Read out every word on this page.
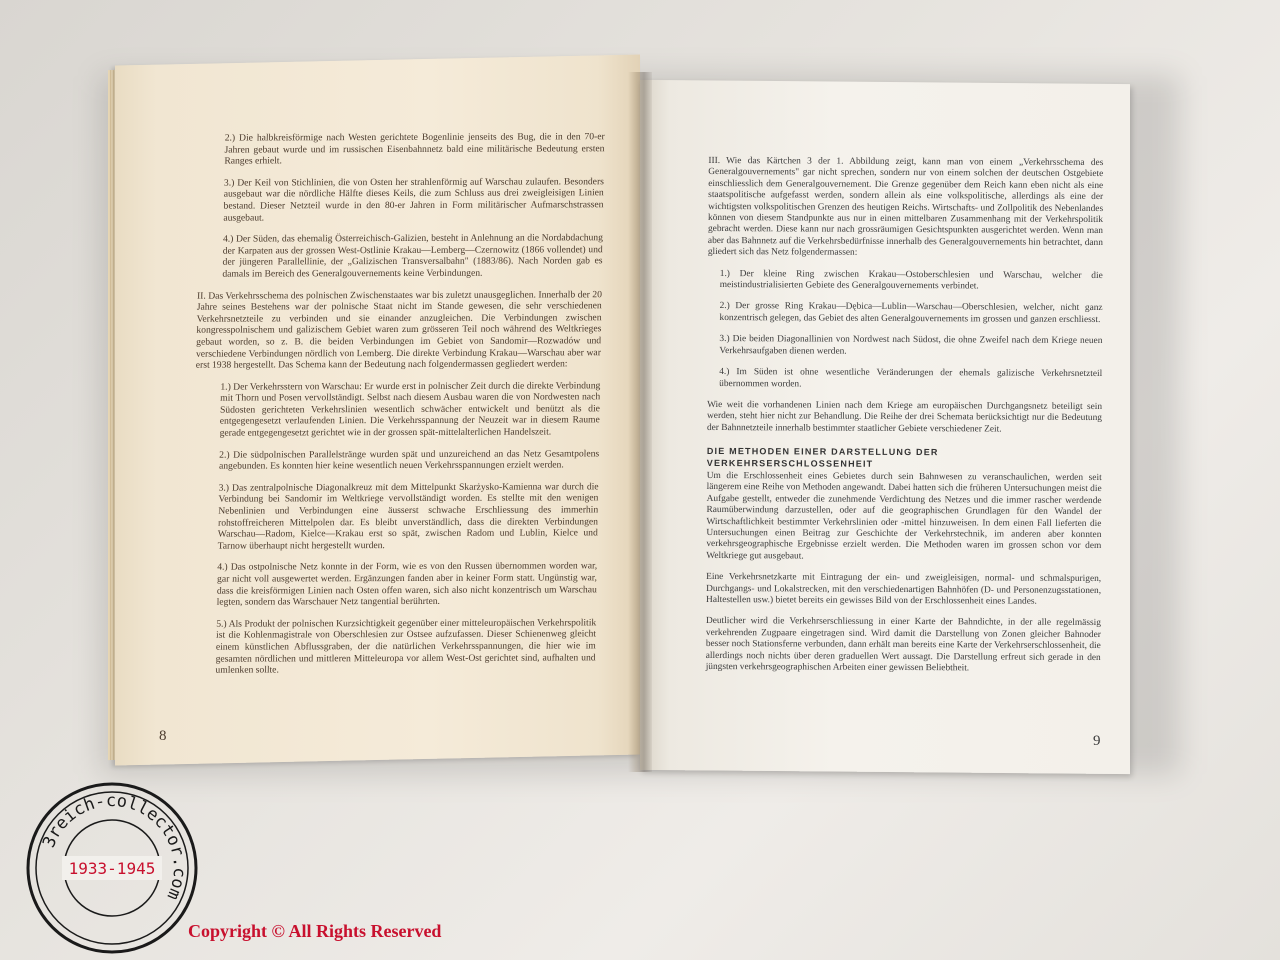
2.) Die halbkreisförmige nach Westen gerichtete Bogenlinie jenseits des Bug, die in den 70-er Jahren gebaut wurde und im russischen Eisenbahnnetz bald eine militärische Bedeutung ersten Ranges erhielt.

3.) Der Keil von Stichlinien, die von Osten her strahlenförmig auf Warschau zulaufen. Besonders ausgebaut war die nördliche Hälfte dieses Keils, die zum Schluss aus drei zweigleisigen Linien bestand. Dieser Netzteil wurde in den 80-er Jahren in Form militärischer Aufmarschstrassen ausgebaut.

4.) Der Süden, das ehemalig Österreichisch-Galizien, besteht in Anlehnung an die Nordabdachung der Karpaten aus der grossen West-Ostlinie Krakau—Lemberg—Czernowitz (1866 vollendet) und der jüngeren Parallellinie, der „Galizischen Transversalbahn" (1883/86). Nach Norden gab es damals im Bereich des Generalgouvernements keine Verbindungen.

II. Das Verkehrsschema des polnischen Zwischenstaates war bis zuletzt unausgeglichen. Innerhalb der 20 Jahre seines Bestehens war der polnische Staat nicht im Stande gewesen, die sehr verschiedenen Verkehrsnetzteile zu verbinden und sie einander anzugleichen. Die Verbindungen zwischen kongresspolnischem und galizischem Gebiet waren zum grösseren Teil noch während des Weltkrieges gebaut worden, so z. B. die beiden Verbindungen im Gebiet von Sandomir—Rozwadów und verschiedene Verbindungen nördlich von Lemberg. Die direkte Verbindung Krakau—Warschau aber war erst 1938 hergestellt. Das Schema kann der Bedeutung nach folgendermassen gegliedert werden:

1.) Der Verkehrsstern von Warschau: Er wurde erst in polnischer Zeit durch die direkte Verbindung mit Thorn und Posen vervollständigt. Selbst nach diesem Ausbau waren die von Nordwesten nach Südosten gerichteten Verkehrslinien wesentlich schwächer entwickelt und benützt als die entgegengesetzt verlaufenden Linien. Die Verkehrsspannung der Neuzeit war in diesem Raume gerade entgegengesetzt gerichtet wie in der grossen spät-mittelalterlichen Handelszeit.

2.) Die südpolnischen Parallelstränge wurden spät und unzureichend an das Netz Gesamtpolens angebunden. Es konnten hier keine wesentlich neuen Verkehrsspannungen erzielt werden.

3.) Das zentralpolnische Diagonalkreuz mit dem Mittelpunkt Skarżysko-Kamienna war durch die Verbindung bei Sandomir im Weltkriege vervollständigt worden. Es stellte mit den wenigen Nebenlinien und Verbindungen eine äusserst schwache Erschliessung des immerhin rohstoffreicheren Mittelpolen dar. Es bleibt unverständlich, dass die direkten Verbindungen Warschau—Radom, Kielce—Krakau erst so spät, zwischen Radom und Lublin, Kielce und Tarnow überhaupt nicht hergestellt wurden.

4.) Das ostpolnische Netz konnte in der Form, wie es von den Russen übernommen worden war, gar nicht voll ausgewertet werden. Ergänzungen fanden aber in keiner Form statt. Ungünstig war, dass die kreisförmigen Linien nach Osten offen waren, sich also nicht konzentrisch um Warschau legten, sondern das Warschauer Netz tangential berührten.

5.) Als Produkt der polnischen Kurzsichtigkeit gegenüber einer mitteleuropäischen Verkehrspolitik ist die Kohlenmagistrale von Oberschlesien zur Ostsee aufzufassen. Dieser Schienenweg gleicht einem künstlichen Abflussgraben, der die natürlichen Verkehrsspannungen, die hier wie im gesamten nördlichen und mittleren Mitteleuropa vor allem West-Ost gerichtet sind, aufhalten und umlenken sollte.

8

III. Wie das Kärtchen 3 der 1. Abbildung zeigt, kann man von einem „Verkehrsschema des Generalgouvernements" gar nicht sprechen, sondern nur von einem solchen der deutschen Ostgebiete einschliesslich dem Generalgouvernement. Die Grenze gegenüber dem Reich kann eben nicht als eine staatspolitische aufgefasst werden, sondern allein als eine volkspolitische, allerdings als eine der wichtigsten volkspolitischen Grenzen des heutigen Reichs. Wirtschafts- und Zollpolitik des Nebenlandes können von diesem Standpunkte aus nur in einen mittelbaren Zusammenhang mit der Verkehrspolitik gebracht werden. Diese kann nur nach grossräumigen Gesichtspunkten ausgerichtet werden. Wenn man aber das Bahnnetz auf die Verkehrsbedürfnisse innerhalb des Generalgouvernements hin betrachtet, dann gliedert sich das Netz folgendermassen:

1.) Der kleine Ring zwischen Krakau—Ostoberschlesien und Warschau, welcher die meistindustrialisierten Gebiete des Generalgouvernements verbindet.

2.) Der grosse Ring Krakau—Dębica—Lublin—Warschau—Oberschlesien, welcher, nicht ganz konzentrisch gelegen, das Gebiet des alten Generalgouvernements im grossen und ganzen erschliesst.

3.) Die beiden Diagonallinien von Nordwest nach Südost, die ohne Zweifel nach dem Kriege neuen Verkehrsaufgaben dienen werden.

4.) Im Süden ist ohne wesentliche Veränderungen der ehemals galizische Verkehrsnetzteil übernommen worden.

Wie weit die vorhandenen Linien nach dem Kriege am europäischen Durchgangsnetz beteiligt sein werden, steht hier nicht zur Behandlung. Die Reihe der drei Schemata berücksichtigt nur die Bedeutung der Bahnnetzteile innerhalb bestimmter staatlicher Gebiete verschiedener Zeit.

DIE METHODEN EINER DARSTELLUNG DER VERKEHRSERSCHLOSSENHEIT

Um die Erschlossenheit eines Gebietes durch sein Bahnwesen zu veranschaulichen, werden seit längerem eine Reihe von Methoden angewandt. Dabei hatten sich die früheren Untersuchungen meist die Aufgabe gestellt, entweder die zunehmende Verdichtung des Netzes und die immer rascher werdende Raumüberwindung darzustellen, oder auf die geographischen Grundlagen für den Wandel der Wirtschaftlichkeit bestimmter Verkehrslinien oder -mittel hinzuweisen. In dem einen Fall lieferten die Untersuchungen einen Beitrag zur Geschichte der Verkehrstechnik, im anderen aber konnten verkehrsgeographische Ergebnisse erzielt werden. Die Methoden waren im grossen schon vor dem Weltkriege gut ausgebaut.

Eine Verkehrsnetzkarte mit Eintragung der ein- und zweigleisigen, normal- und schmalspurigen, Durchgangs- und Lokalstrecken, mit den verschiedenartigen Bahnhöfen (D- und Personenzugsstationen, Haltestellen usw.) bietet bereits ein gewisses Bild von der Erschlossenheit eines Landes.

Deutlicher wird die Verkehrserschliessung in einer Karte der Bahndichte, in der alle regelmässig verkehrenden Zugpaare eingetragen sind. Wird damit die Darstellung von Zonen gleicher Bahnoder besser noch Stationsferne verbunden, dann erhält man bereits eine Karte der Verkehrserschlossenheit, die allerdings noch nichts über deren graduellen Wert aussagt. Die Darstellung erfreut sich gerade in den jüngsten verkehrsgeographischen Arbeiten einer gewissen Beliebtheit.

9
3reich-collector.com
1933-1945
Copyright © All Rights Reserved
